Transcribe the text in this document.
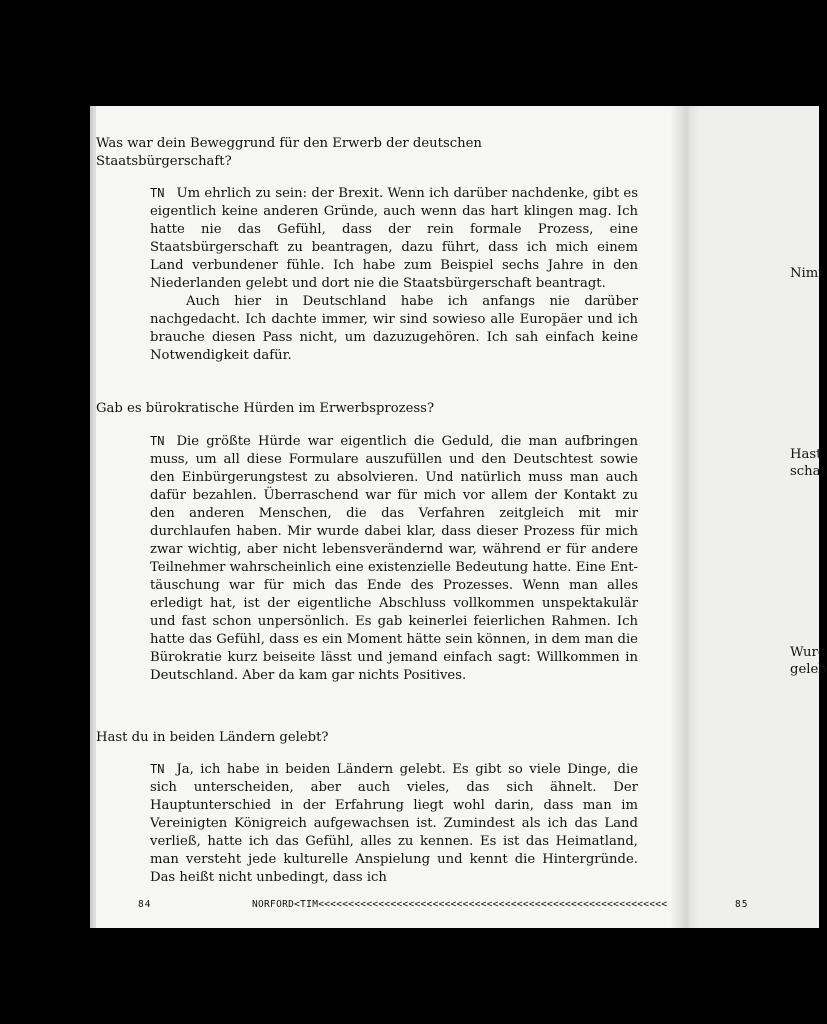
Was war dein Beweggrund für den Erwerb der deutschen Staatsbürgerschaft?

TN Um ehrlich zu sein: der Brexit. Wenn ich darüber nachdenke, gibt es eigentlich keine anderen Gründe, auch wenn das hart klingen mag. Ich hatte nie das Gefühl, dass der rein formale Prozess, eine Staatsbürgerschaft zu beantragen, dazu führt, dass ich mich einem Land verbundener fühle. Ich habe zum Beispiel sechs Jahre in den Niederlanden gelebt und dort nie die Staatsbürgerschaft beantragt.

Auch hier in Deutschland habe ich anfangs nie darüber nachgedacht. Ich dachte immer, wir sind sowieso alle Europäer und ich brauche diesen Pass nicht, um dazuzugehören. Ich sah einfach keine Notwendigkeit dafür.

Gab es bürokratische Hürden im Erwerbsprozess?

TN Die größte Hürde war eigentlich die Geduld, die man aufbringen muss, um all diese Formulare auszufüllen und den Deutschtest sowie den Einbürgerungstest zu absolvieren. Und natürlich muss man auch dafür bezahlen. Überraschend war für mich vor allem der Kontakt zu den anderen Menschen, die das Verfahren zeitgleich mit mir durchlaufen haben. Mir wurde dabei klar, dass dieser Prozess für mich zwar wichtig, aber nicht lebensverändernd war, während er für andere Teilnehmer wahrscheinlich eine existenzielle Bedeutung hatte. Eine Enttäuschung war für mich das Ende des Prozesses. Wenn man alles erledigt hat, ist der eigentliche Abschluss vollkommen unspektakulär und fast schon unpersönlich. Es gab keinerlei feierlichen Rahmen. Ich hatte das Gefühl, dass es ein Moment hätte sein können, in dem man die Bürokratie kurz beiseite lässt und jemand einfach sagt: Willkommen in Deutschland. Aber da kam gar nichts Positives.

Hast du in beiden Ländern gelebt?

TN Ja, ich habe in beiden Ländern gelebt. Es gibt so viele Dinge, die sich unterscheiden, aber auch vieles, das sich ähnelt. Der Hauptunterschied in der Erfahrung liegt wohl darin, dass man im Vereinigten Königreich aufgewachsen ist. Zumindest als ich das Land verließ, hatte ich das Gefühl, alles zu kennen. Es ist das Heimatland, man versteht jede kulturelle Anspielung und kennt die Hintergründe. Das heißt nicht unbedingt, dass ich

84	NORFORD<TIM<<<<<<<<<<<<<<<<<<<<<<<<<<<<<<<<<<<<<<<<<<<<<<<<<<<<<<<<<<
Nimı
Hast
schat
Wurc
geleb
85
